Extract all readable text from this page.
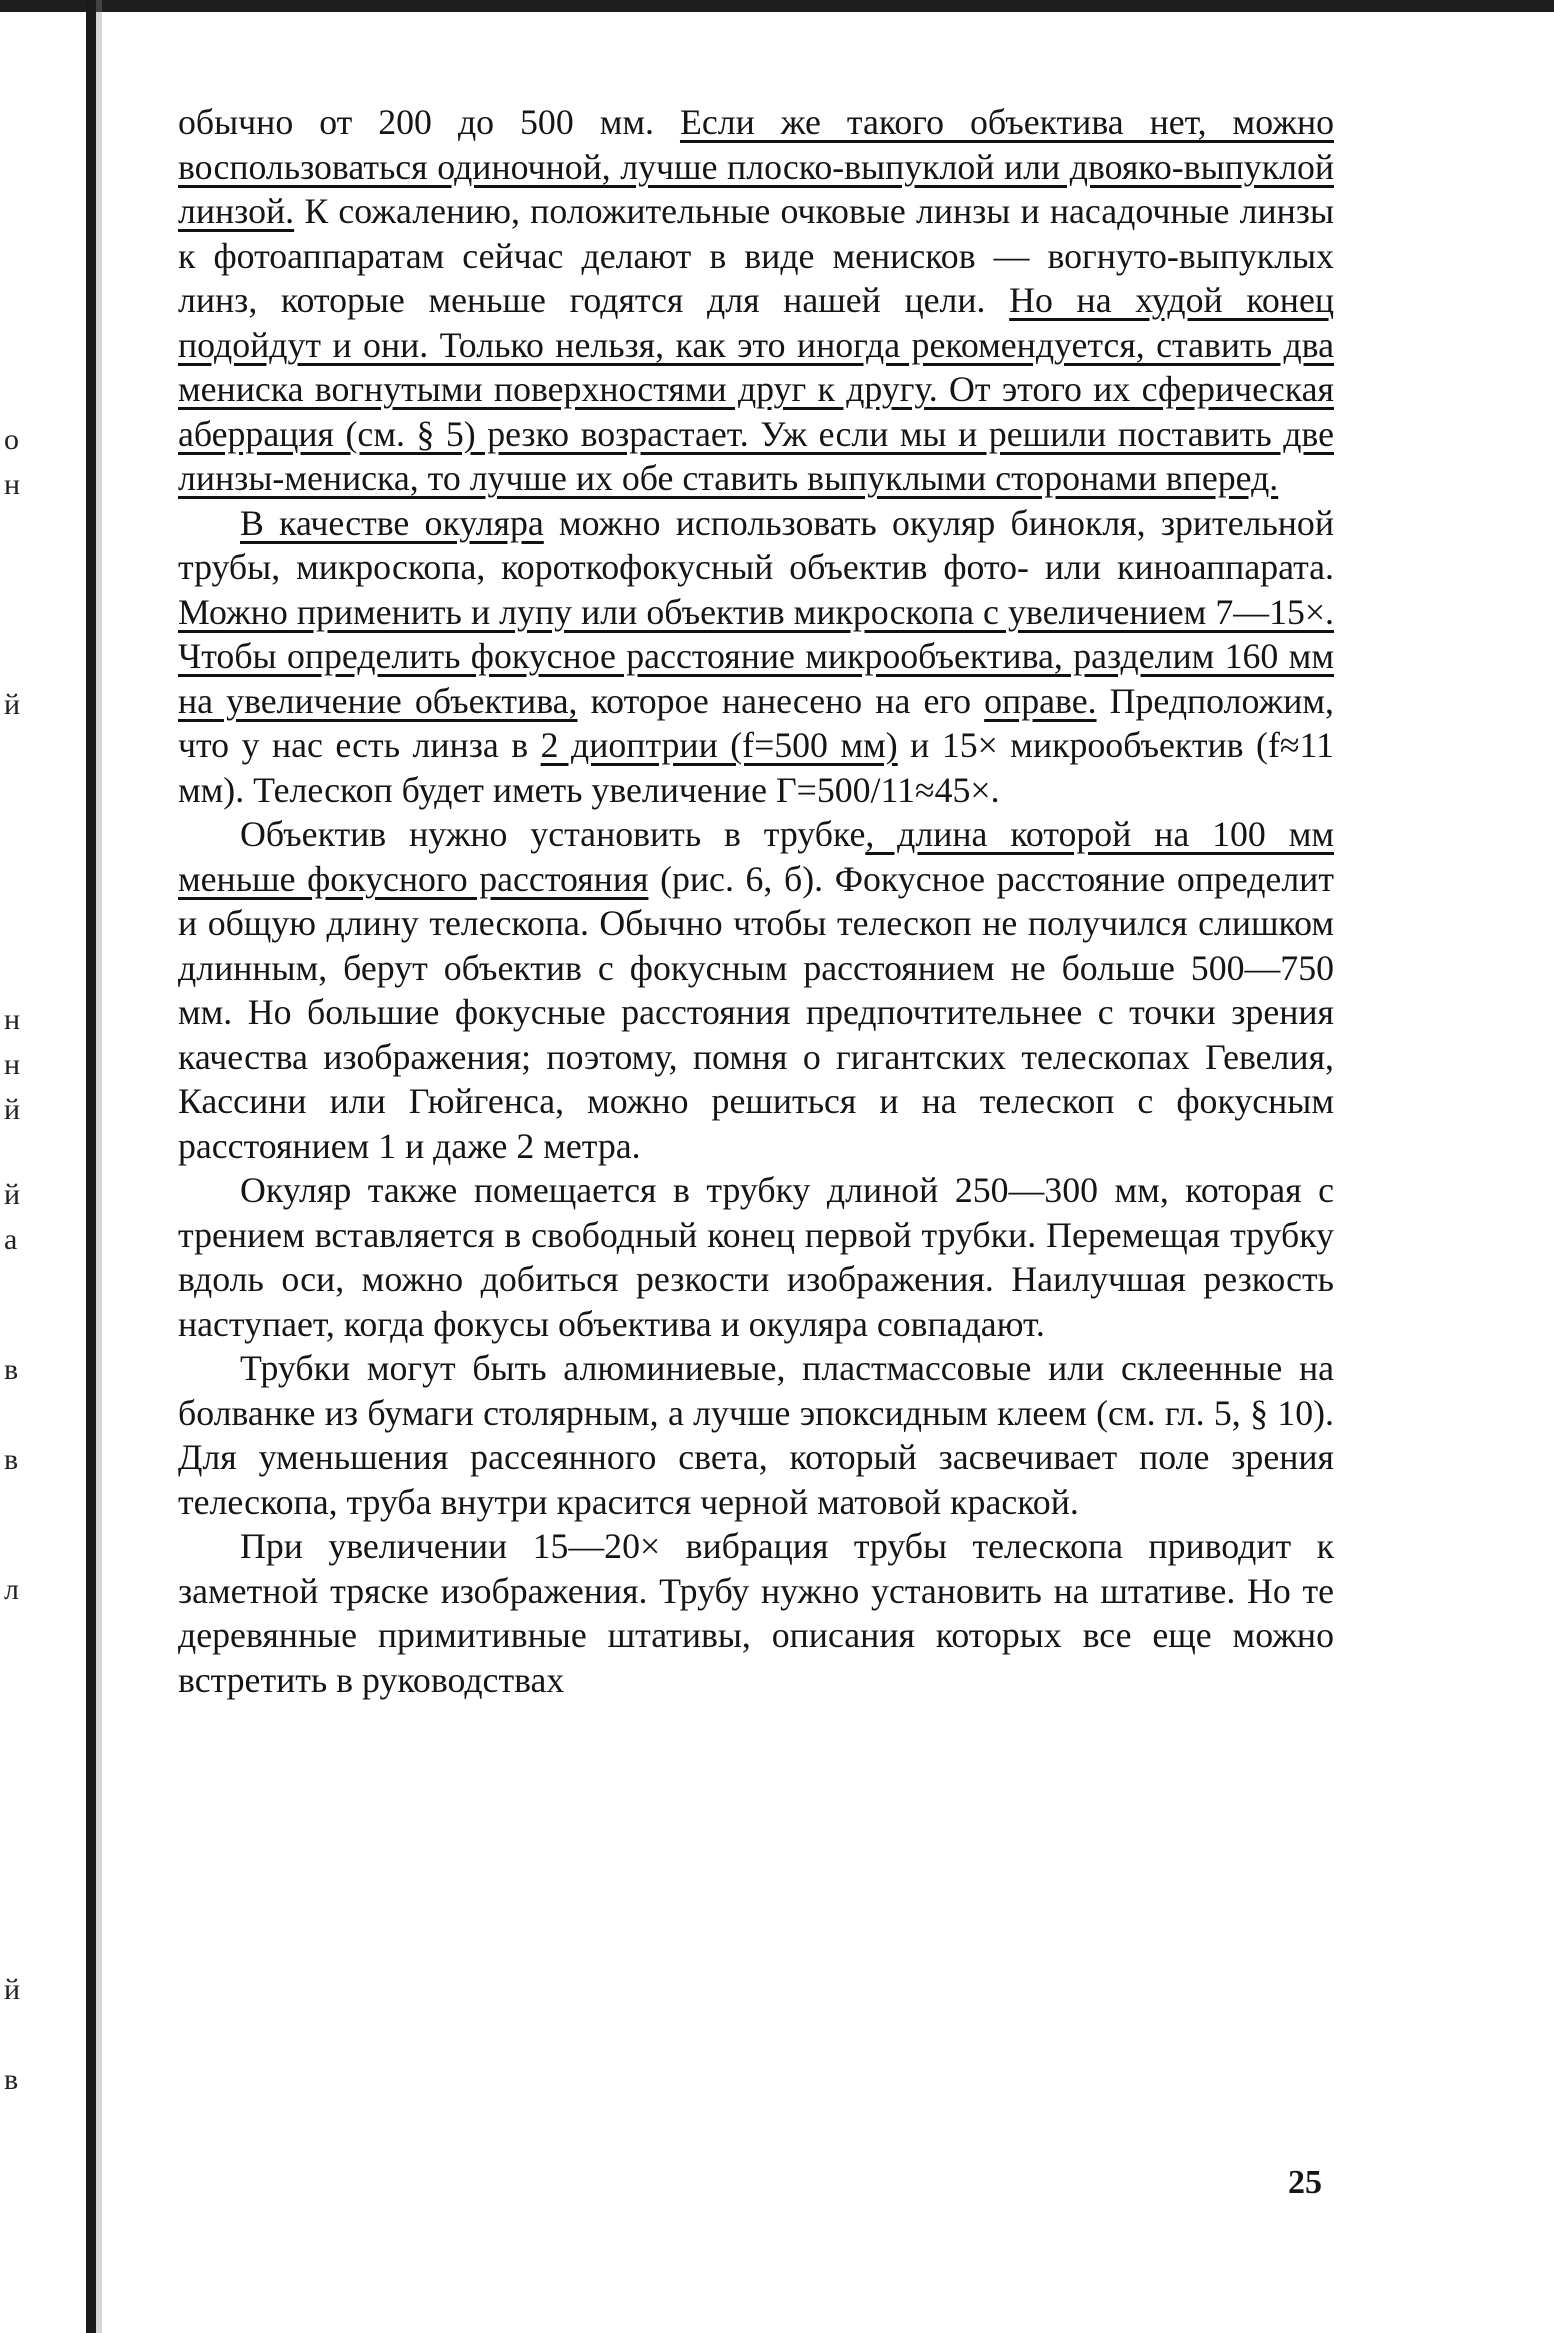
о
н
й
н
н
й
й
а
в
в
л
й
в

обычно от 200 до 500 мм. Если же такого объектива нет, можно воспользоваться одиночной, лучше плоско-выпуклой или двояко-выпуклой линзой. К сожалению, положительные очковые линзы и насадочные линзы к фотоаппаратам сейчас делают в виде менисков — вогнуто-выпуклых линз, которые меньше годятся для нашей цели. Но на худой конец подойдут и они. Только нельзя, как это иногда рекомендуется, ставить два мениска вогнутыми поверхностями друг к другу. От этого их сферическая аберрация (см. § 5) резко возрастает. Уж если мы и решили поставить две линзы-мениска, то лучше их обе ставить выпуклыми сторонами вперед.

В качестве окуляра можно использовать окуляр бинокля, зрительной трубы, микроскопа, короткофокусный объектив фото- или киноаппарата. Можно применить и лупу или объектив микроскопа с увеличением 7—15×. Чтобы определить фокусное расстояние микрообъектива, разделим 160 мм на увеличение объектива, которое нанесено на его оправе. Предположим, что у нас есть линза в 2 диоптрии (f=500 мм) и 15× микрообъектив (f≈11 мм). Телескоп будет иметь увеличение Г=500/11≈45×.

Объектив нужно установить в трубке, длина которой на 100 мм меньше фокусного расстояния (рис. 6, б). Фокусное расстояние определит и общую длину телескопа. Обычно чтобы телескоп не получился слишком длинным, берут объектив с фокусным расстоянием не больше 500—750 мм. Но большие фокусные расстояния предпочтительнее с точки зрения качества изображения; поэтому, помня о гигантских телескопах Гевелия, Кассини или Гюйгенса, можно решиться и на телескоп с фокусным расстоянием 1 и даже 2 метра.

Окуляр также помещается в трубку длиной 250—300 мм, которая с трением вставляется в свободный конец первой трубки. Перемещая трубку вдоль оси, можно добиться резкости изображения. Наилучшая резкость наступает, когда фокусы объектива и окуляра совпадают.

Трубки могут быть алюминиевые, пластмассовые или склеенные на болванке из бумаги столярным, а лучше эпоксидным клеем (см. гл. 5, § 10). Для уменьшения рассеянного света, который засвечивает поле зрения телескопа, труба внутри красится черной матовой краской.

При увеличении 15—20× вибрация трубы телескопа приводит к заметной тряске изображения. Трубу нужно установить на штативе. Но те деревянные примитивные штативы, описания которых все еще можно встретить в руководствах

25
